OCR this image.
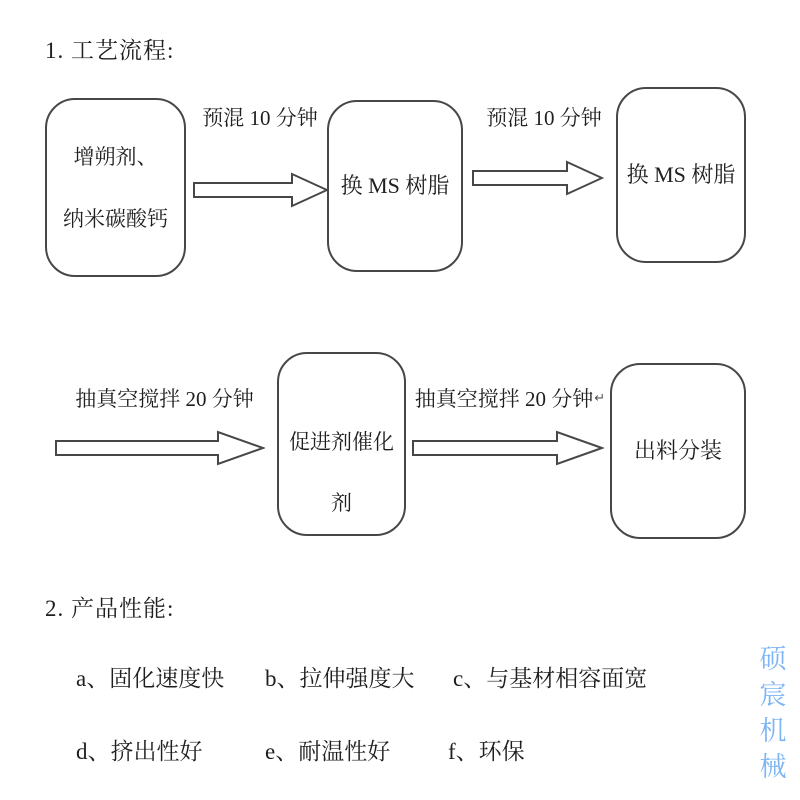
1. 工艺流程:
增朔剂、
纳米碳酸钙
预混 10 分钟
换 MS 树脂
预混 10 分钟
换 MS 树脂
抽真空搅拌 20 分钟
促进剂催化
剂
抽真空搅拌 20 分钟 ↵
出料分装
2. 产品性能:
a、固化速度快 b、拉伸强度大 c、与基材相容面宽
d、挤出性好	e、耐温性好	f、环保
硕
宸
机
械
